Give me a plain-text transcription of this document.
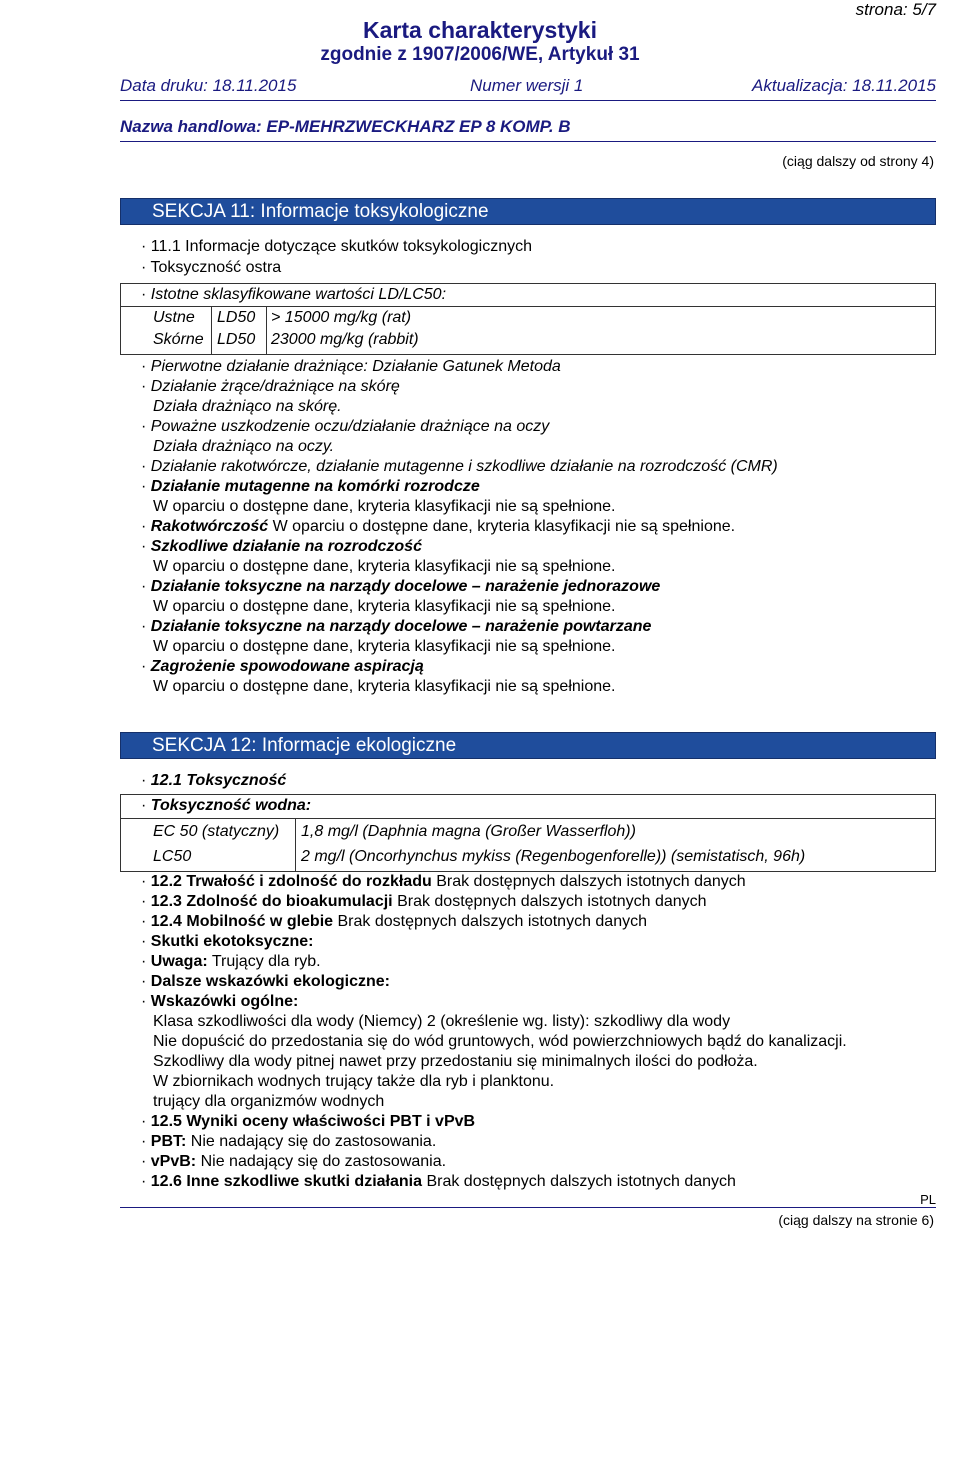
strona: 5/7
Karta charakterystyki
zgodnie z 1907/2006/WE, Artykuł 31
Data druku: 18.11.2015	Numer wersji 1	Aktualizacja: 18.11.2015
Nazwa handlowa: EP-MEHRZWECKHARZ EP 8 KOMP. B
(ciąg dalszy od strony 4)
SEKCJA 11: Informacje toksykologiczne
· 11.1 Informacje dotyczące skutków toksykologicznych
· Toksyczność ostra
· Istotne sklasyfikowane wartości LD/LC50:
Ustne LD50 > 15000 mg/kg (rat)
Skórne LD50 23000 mg/kg (rabbit)
· Pierwotne działanie drażniące: Działanie Gatunek Metoda
· Działanie żrące/drażniące na skórę
Działa drażniąco na skórę.
· Poważne uszkodzenie oczu/działanie drażniące na oczy
Działa drażniąco na oczy.
· Działanie rakotwórcze, działanie mutagenne i szkodliwe działanie na rozrodczość (CMR)
· Działanie mutagenne na komórki rozrodcze
W oparciu o dostępne dane, kryteria klasyfikacji nie są spełnione.
· Rakotwórczość W oparciu o dostępne dane, kryteria klasyfikacji nie są spełnione.
· Szkodliwe działanie na rozrodczość
W oparciu o dostępne dane, kryteria klasyfikacji nie są spełnione.
· Działanie toksyczne na narządy docelowe – narażenie jednorazowe
W oparciu o dostępne dane, kryteria klasyfikacji nie są spełnione.
· Działanie toksyczne na narządy docelowe – narażenie powtarzane
W oparciu o dostępne dane, kryteria klasyfikacji nie są spełnione.
· Zagrożenie spowodowane aspiracją
W oparciu o dostępne dane, kryteria klasyfikacji nie są spełnione.
SEKCJA 12: Informacje ekologiczne
· 12.1 Toksyczność
· Toksyczność wodna:
EC 50 (statyczny) 1,8 mg/l (Daphnia magna (Großer Wasserfloh))
LC50	2 mg/l (Oncorhynchus mykiss (Regenbogenforelle)) (semistatisch, 96h)
· 12.2 Trwałość i zdolność do rozkładu Brak dostępnych dalszych istotnych danych
· 12.3 Zdolność do bioakumulacji Brak dostępnych dalszych istotnych danych
· 12.4 Mobilność w glebie Brak dostępnych dalszych istotnych danych
· Skutki ekotoksyczne:
· Uwaga: Trujący dla ryb.
· Dalsze wskazówki ekologiczne:
· Wskazówki ogólne:
Klasa szkodliwości dla wody (Niemcy) 2 (określenie wg. listy): szkodliwy dla wody
Nie dopuścić do przedostania się do wód gruntowych, wód powierzchniowych bądź do kanalizacji.
Szkodliwy dla wody pitnej nawet przy przedostaniu się minimalnych ilości do podłoża.
W zbiornikach wodnych trujący także dla ryb i planktonu.
trujący dla organizmów wodnych
· 12.5 Wyniki oceny właściwości PBT i vPvB
· PBT: Nie nadający się do zastosowania.
· vPvB: Nie nadający się do zastosowania.
· 12.6 Inne szkodliwe skutki działania Brak dostępnych dalszych istotnych danych
PL
(ciąg dalszy na stronie 6)
